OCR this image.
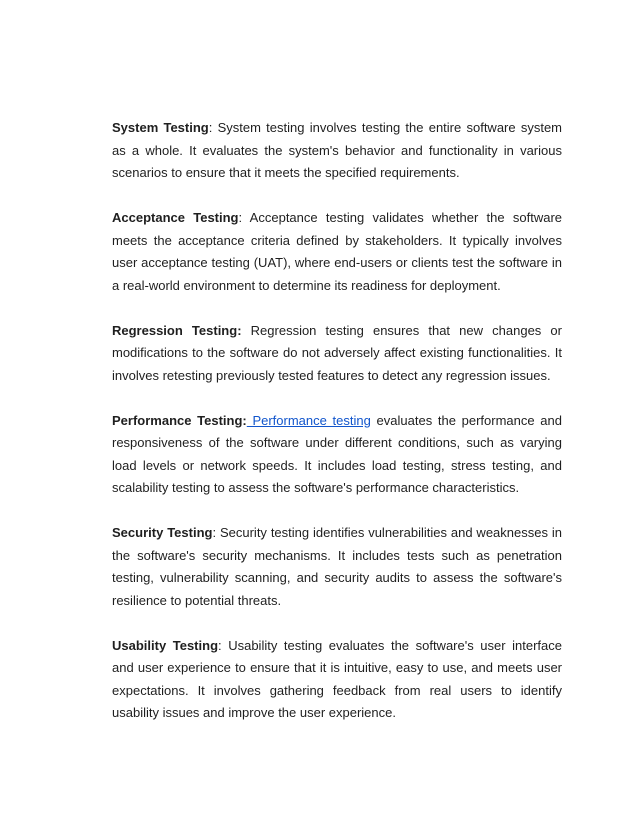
System Testing: System testing involves testing the entire software system as a whole. It evaluates the system's behavior and functionality in various scenarios to ensure that it meets the specified requirements.

Acceptance Testing: Acceptance testing validates whether the software meets the acceptance criteria defined by stakeholders. It typically involves user acceptance testing (UAT), where end-users or clients test the software in a real-world environment to determine its readiness for deployment.

Regression Testing: Regression testing ensures that new changes or modifications to the software do not adversely affect existing functionalities. It involves retesting previously tested features to detect any regression issues.

Performance Testing: Performance testing evaluates the performance and responsiveness of the software under different conditions, such as varying load levels or network speeds. It includes load testing, stress testing, and scalability testing to assess the software's performance characteristics.

Security Testing: Security testing identifies vulnerabilities and weaknesses in the software's security mechanisms. It includes tests such as penetration testing, vulnerability scanning, and security audits to assess the software's resilience to potential threats.

Usability Testing: Usability testing evaluates the software's user interface and user experience to ensure that it is intuitive, easy to use, and meets user expectations. It involves gathering feedback from real users to identify usability issues and improve the user experience.
